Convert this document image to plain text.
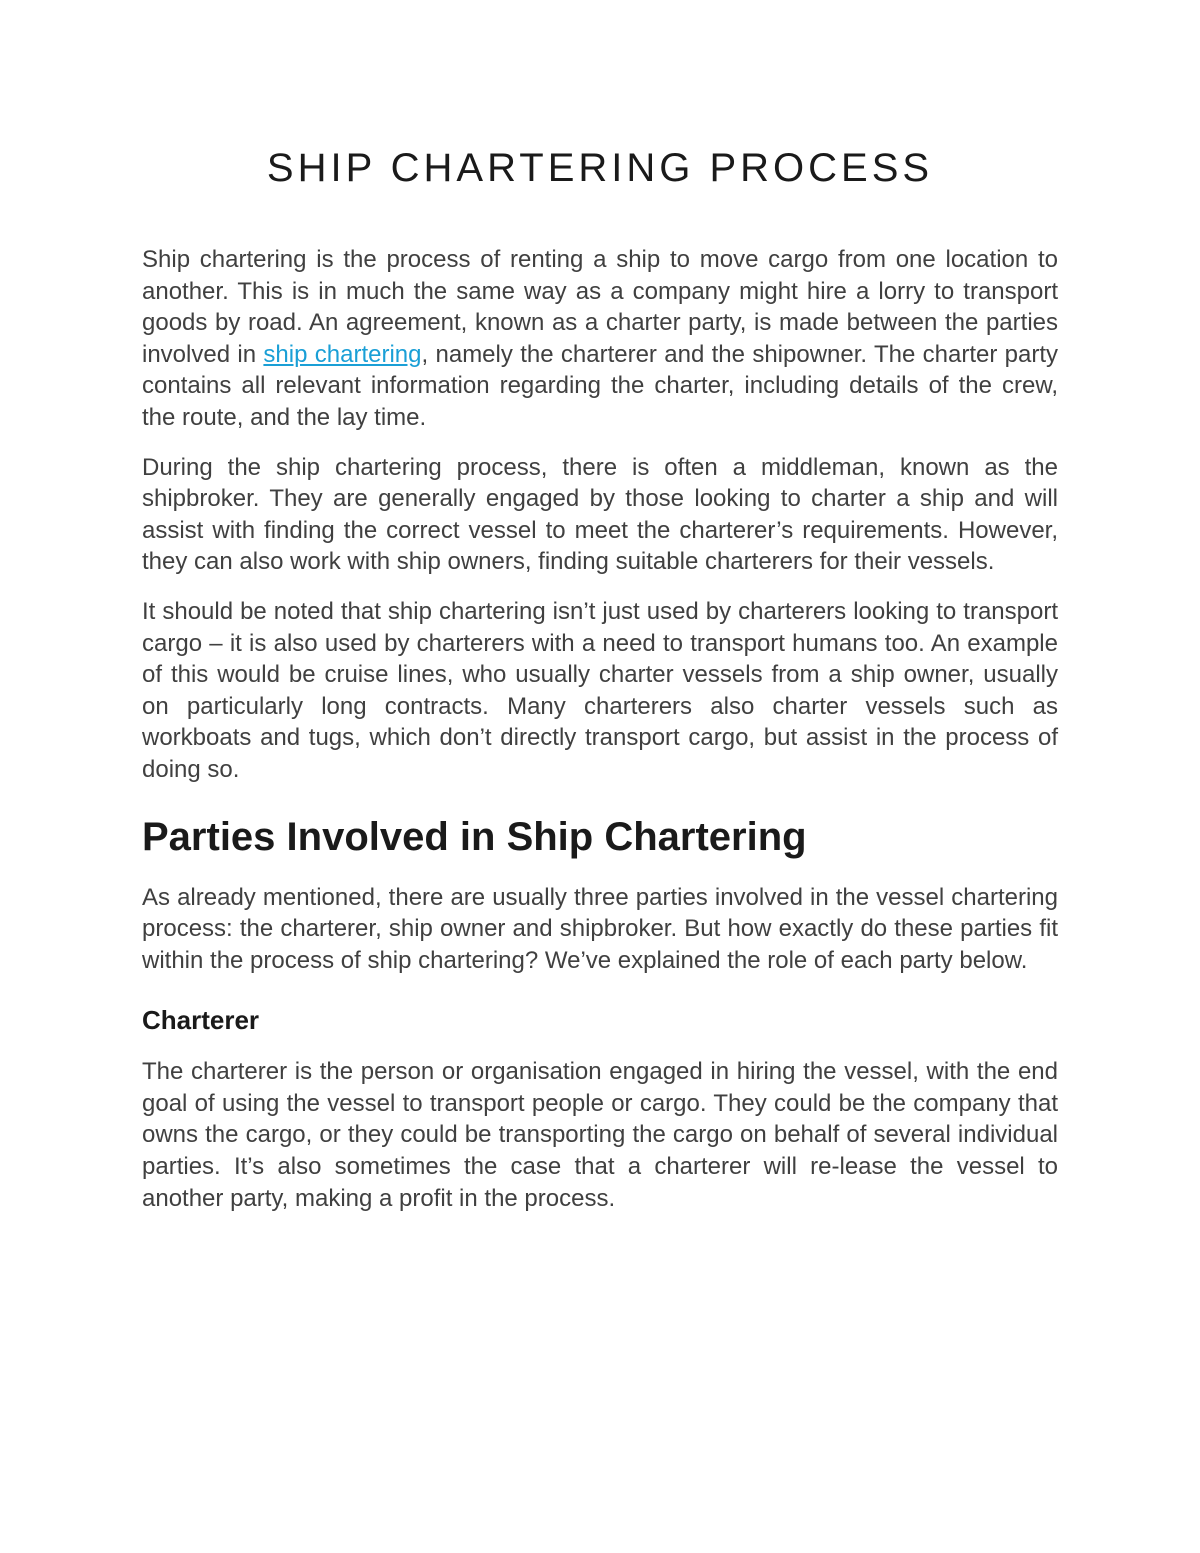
SHIP CHARTERING PROCESS

Ship chartering is the process of renting a ship to move cargo from one location to another. This is in much the same way as a company might hire a lorry to transport goods by road. An agreement, known as a charter party, is made between the parties involved in ship chartering, namely the charterer and the shipowner. The charter party contains all relevant information regarding the charter, including details of the crew, the route, and the lay time.

During the ship chartering process, there is often a middleman, known as the shipbroker. They are generally engaged by those looking to charter a ship and will assist with finding the correct vessel to meet the charterer’s requirements. However, they can also work with ship owners, finding suitable charterers for their vessels.

It should be noted that ship chartering isn’t just used by charterers looking to transport cargo – it is also used by charterers with a need to transport humans too. An example of this would be cruise lines, who usually charter vessels from a ship owner, usually on particularly long contracts. Many charterers also charter vessels such as workboats and tugs, which don’t directly transport cargo, but assist in the process of doing so.

Parties Involved in Ship Chartering

As already mentioned, there are usually three parties involved in the vessel chartering process: the charterer, ship owner and shipbroker. But how exactly do these parties fit within the process of ship chartering? We’ve explained the role of each party below.

Charterer

The charterer is the person or organisation engaged in hiring the vessel, with the end goal of using the vessel to transport people or cargo. They could be the company that owns the cargo, or they could be transporting the cargo on behalf of several individual parties. It’s also sometimes the case that a charterer will re-lease the vessel to another party, making a profit in the process.
